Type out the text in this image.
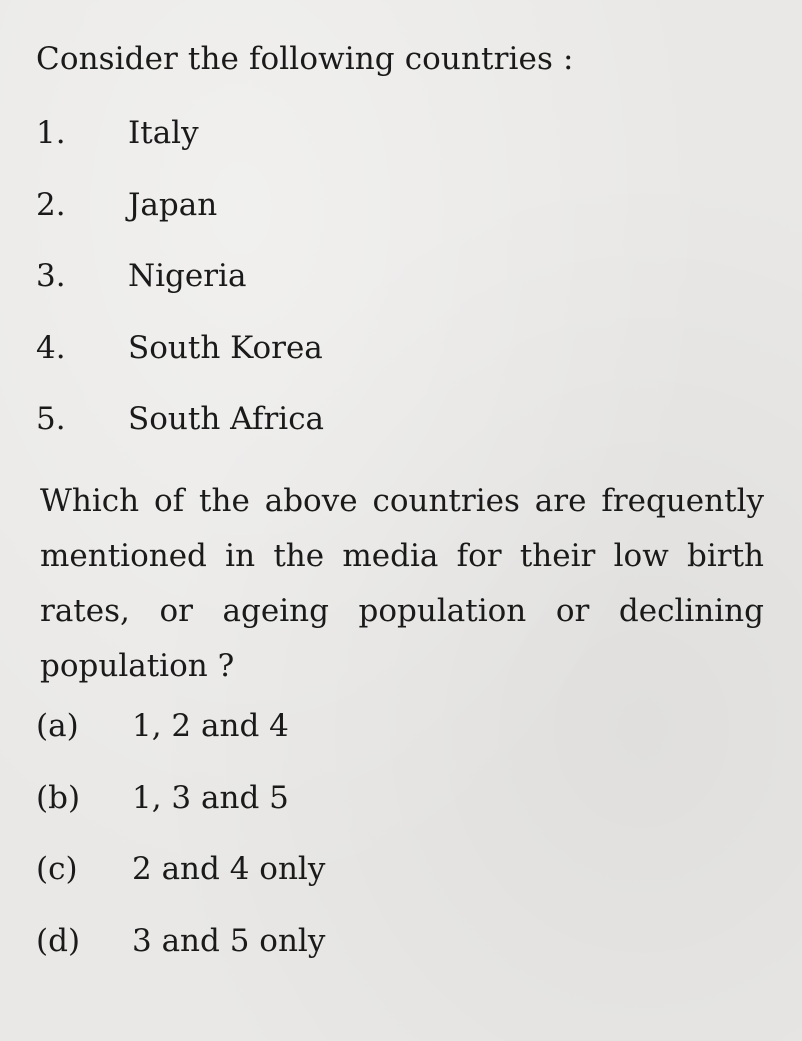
Consider the following countries :
1. Italy
2. Japan
3. Nigeria
4. South Korea
5. South Africa
Which of the above countries are frequently
mentioned in the media for their low birth
rates, or ageing population or declining
population ?
(a) 1, 2 and 4
(b) 1, 3 and 5
(c) 2 and 4 only
(d) 3 and 5 only
